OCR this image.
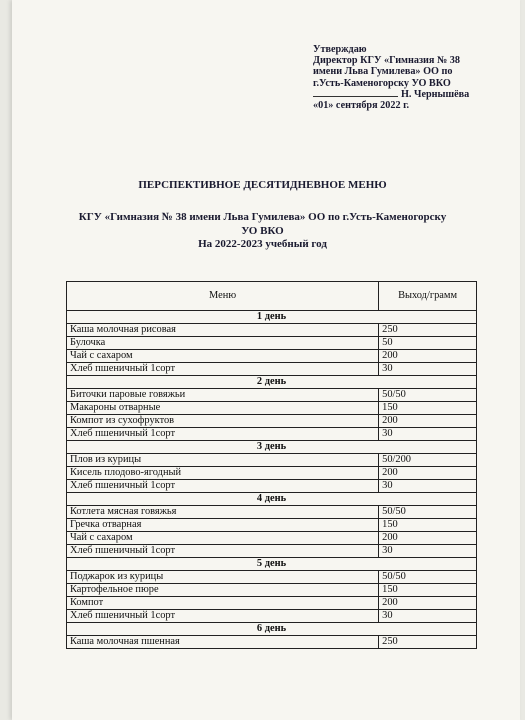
Утверждаю
Директор КГУ «Гимназия № 38
имени Льва Гумилева» ОО по
г.Усть-Каменогорску УО ВКО
Н. Чернышёва
«01» сентября 2022 г.
ПЕРСПЕКТИВНОЕ ДЕСЯТИДНЕВНОЕ МЕНЮ
КГУ «Гимназия № 38 имени Льва Гумилева» ОО по г.Усть-Каменогорску
УО ВКО
На 2022-2023 учебный год
Меню	Выход/грамм
1 день	
Каша молочная рисовая	250
Булочка	50
Чай с сахаром	200
Хлеб пшеничный 1сорт	30
2 день	
Биточки паровые говяжьи	50/50
Макароны отварные	150
Компот из сухофруктов	200
Хлеб пшеничный 1сорт	30
3 день	
Плов из курицы	50/200
Кисель плодово-ягодный	200
Хлеб пшеничный 1сорт	30
4 день	
Котлета мясная говяжья	50/50
Гречка отварная	150
Чай с сахаром	200
Хлеб пшеничный 1сорт	30
5 день	
Поджарок из курицы	50/50
Картофельное пюре	150
Компот	200
Хлеб пшеничный 1сорт	30
6 день	
Каша молочная пшенная	250
